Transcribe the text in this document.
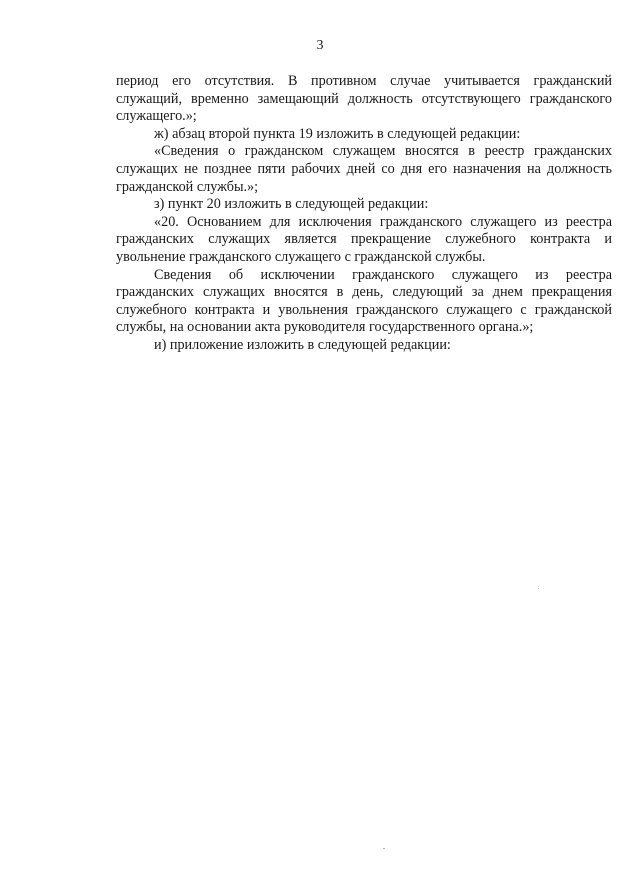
3
период его отсутствия. В противном случае учитывается гражданский
служащий, временно замещающий должность отсутствующего гражданского
служащего.»;
ж) абзац второй пункта 19 изложить в следующей редакции:
«Сведения о гражданском служащем вносятся в реестр гражданских
служащих не позднее пяти рабочих дней со дня его назначения на должность
гражданской службы.»;
з) пункт 20 изложить в следующей редакции:
«20. Основанием для исключения гражданского служащего из реестра
гражданских служащих является прекращение служебного контракта и
увольнение гражданского служащего с гражданской службы.
Сведения об исключении гражданского служащего из реестра
гражданских служащих вносятся в день, следующий за днем прекращения
служебного контракта и увольнения гражданского служащего с гражданской
службы, на основании акта руководителя государственного органа.»;
и) приложение изложить в следующей редакции:
